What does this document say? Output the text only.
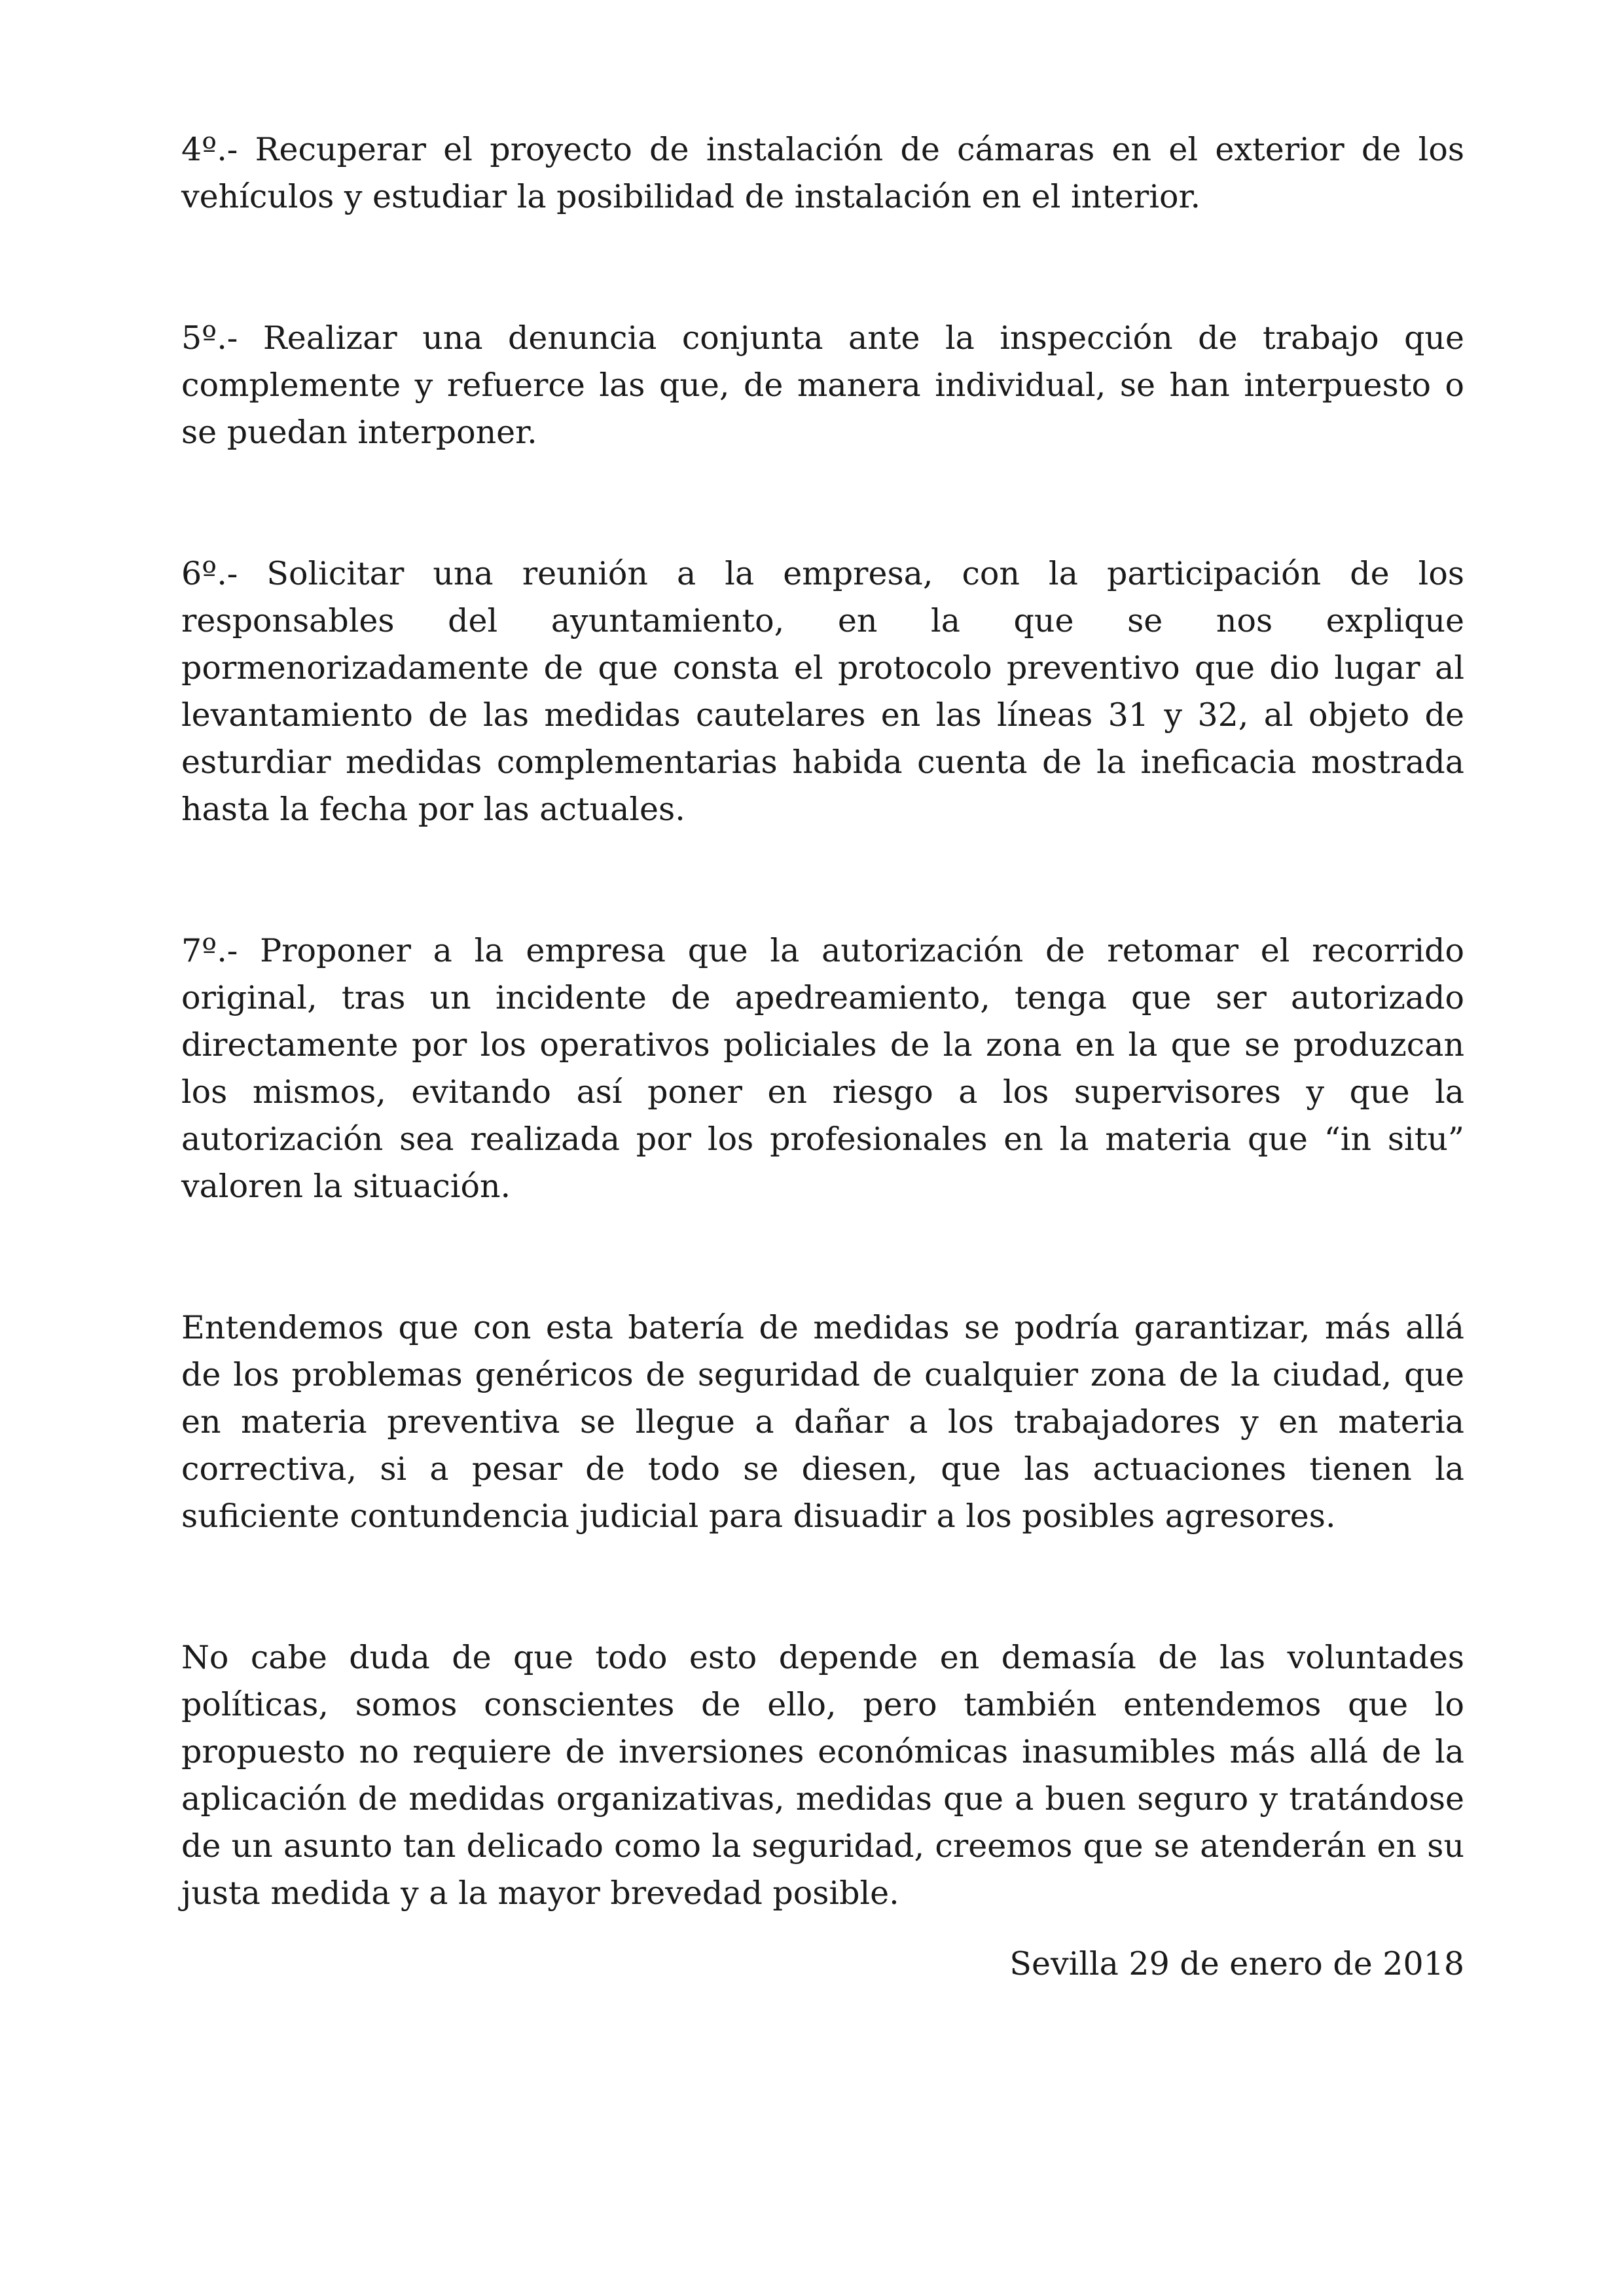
4º.- Recuperar el proyecto de instalación de cámaras en el exterior de los vehículos y estudiar la posibilidad de instalación en el interior.

5º.- Realizar una denuncia conjunta ante la inspección de trabajo que complemente y refuerce las que, de manera individual, se han interpuesto o se puedan interponer.

6º.- Solicitar una reunión a la empresa, con la participación de los responsables del ayuntamiento, en la que se nos explique pormenorizadamente de que consta el protocolo preventivo que dio lugar al levantamiento de las medidas cautelares en las líneas 31 y 32, al objeto de esturdiar medidas complementarias habida cuenta de la ineficacia mostrada hasta la fecha por las actuales.

7º.- Proponer a la empresa que la autorización de retomar el recorrido original, tras un incidente de apedreamiento, tenga que ser autorizado directamente por los operativos policiales de la zona en la que se produzcan los mismos, evitando así poner en riesgo a los supervisores y que la autorización sea realizada por los profesionales en la materia que “in situ” valoren la situación.

Entendemos que con esta batería de medidas se podría garantizar, más allá de los problemas genéricos de seguridad de cualquier zona de la ciudad, que en materia preventiva se llegue a dañar a los trabajadores y en materia correctiva, si a pesar de todo se diesen, que las actuaciones tienen la suficiente contundencia judicial para disuadir a los posibles agresores.

No cabe duda de que todo esto depende en demasía de las voluntades políticas, somos conscientes de ello, pero también entendemos que lo propuesto no requiere de inversiones económicas inasumibles más allá de la aplicación de medidas organizativas, medidas que a buen seguro y tratándose de un asunto tan delicado como la seguridad, creemos que se atenderán en su justa medida y a la mayor brevedad posible.

Sevilla 29 de enero de 2018
